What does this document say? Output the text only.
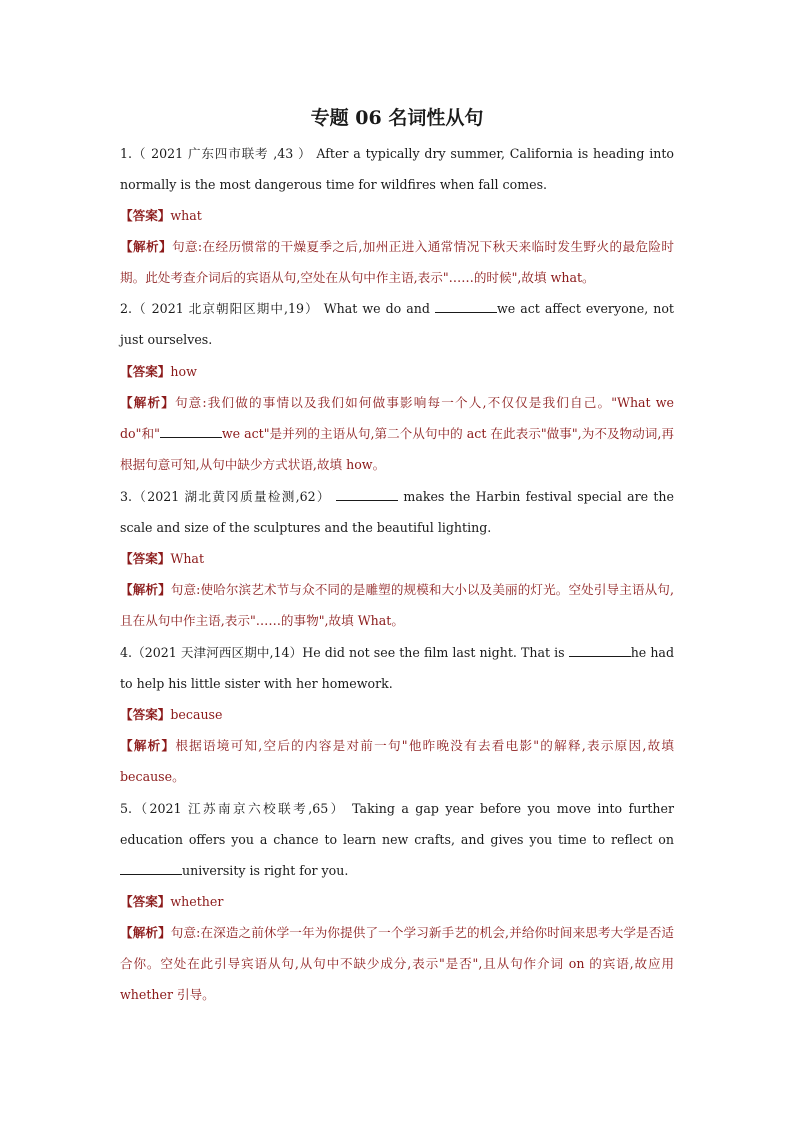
专题 06 名词性从句
1.（ 2021 广东四市联考 ,43 ） After a typically dry summer, California is heading into
normally is the most dangerous time for wildfires when fall comes.
【答案】what
【解析】句意:在经历惯常的干燥夏季之后,加州正进入通常情况下秋天来临时发生野火的最危险时期。此处考查介词后的宾语从句,空处在从句中作主语,表示"……的时候",故填 what。
2.（ 2021 北京朝阳区期中,19） What we do and	we act affect everyone, not just ourselves.
【答案】how
【解析】句意:我们做的事情以及我们如何做事影响每一个人,不仅仅是我们自己。"What we do"和"	we act"是并列的主语从句,第二个从句中的 act 在此表示"做事",为不及物动词,再根据句意可知,从句中缺少方式状语,故填 how。
3.（2021 湖北黄冈质量检测,62）	makes the Harbin festival special are the scale and size of the sculptures and the beautiful lighting.
【答案】What
【解析】句意:使哈尔滨艺术节与众不同的是雕塑的规模和大小以及美丽的灯光。空处引导主语从句,且在从句中作主语,表示"……的事物",故填 What。
4.（2021 天津河西区期中,14）He did not see the film last night. That is	he had to help his little sister with her homework.
【答案】because
【解析】根据语境可知,空后的内容是对前一句"他昨晚没有去看电影"的解释,表示原因,故填 because。
5.（2021 江苏南京六校联考,65） Taking a gap year before you move into further education offers you a chance to learn new crafts, and gives you time to reflect on university is right for you.
【答案】whether
【解析】句意:在深造之前休学一年为你提供了一个学习新手艺的机会,并给你时间来思考大学是否适合你。空处在此引导宾语从句,从句中不缺少成分,表示"是否",且从句作介词 on 的宾语,故应用 whether 引导。
